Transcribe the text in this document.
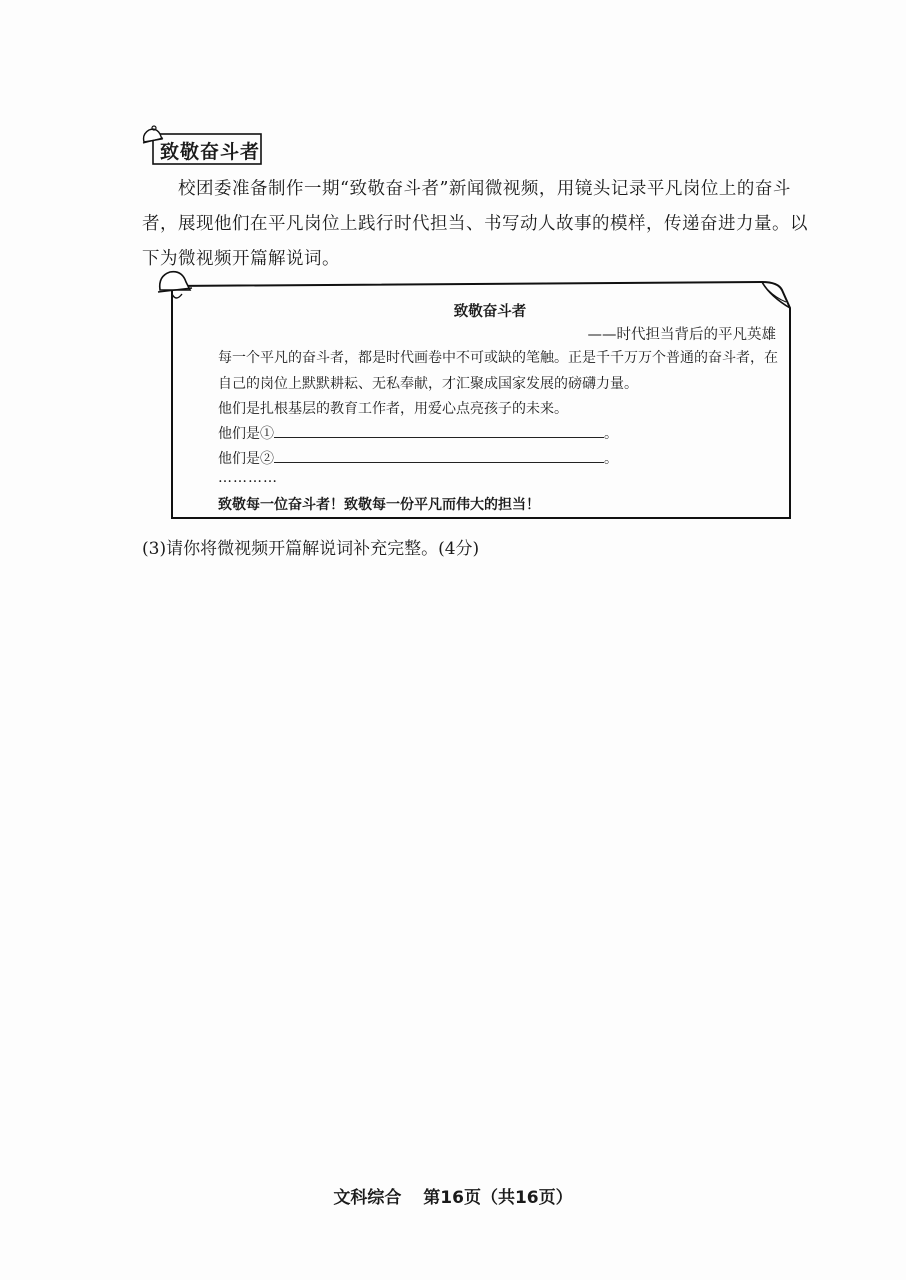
致敬奋斗者
校团委准备制作一期“致敬奋斗者”新闻微视频，用镜头记录平凡岗位上的奋斗者，展现他们在平凡岗位上践行时代担当、书写动人故事的模样，传递奋进力量。以下为微视频开篇解说词。
致敬奋斗者
——时代担当背后的平凡英雄
每一个平凡的奋斗者，都是时代画卷中不可或缺的笔触。正是千千万万个普通的奋斗者，在自己的岗位上默默耕耘、无私奉献，才汇聚成国家发展的磅礴力量。
他们是扎根基层的教育工作者，用爱心点亮孩子的未来。
他们是①	。
他们是②	。
…………
致敬每一位奋斗者！致敬每一份平凡而伟大的担当！
(3)请你将微视频开篇解说词补充完整。(4分)
文科综合 第16页（共16页）
